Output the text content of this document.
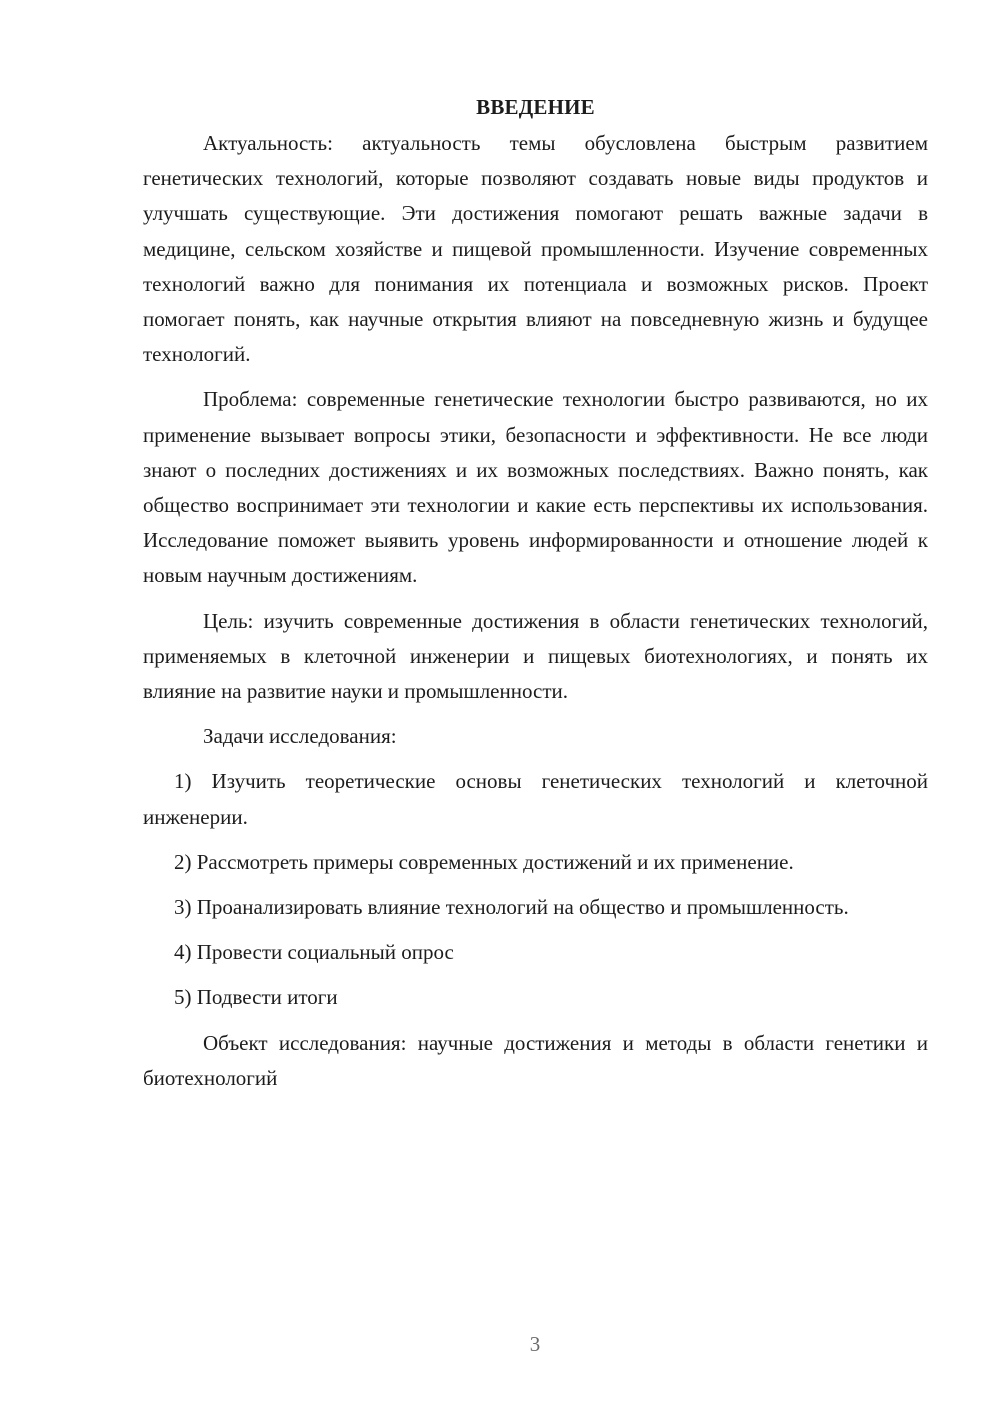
ВВЕДЕНИЕ

Актуальность: актуальность темы обусловлена быстрым развитием генетических технологий, которые позволяют создавать новые виды продуктов и улучшать существующие. Эти достижения помогают решать важные задачи в медицине, сельском хозяйстве и пищевой промышленности. Изучение современных технологий важно для понимания их потенциала и возможных рисков. Проект помогает понять, как научные открытия влияют на повседневную жизнь и будущее технологий.

Проблема: современные генетические технологии быстро развиваются, но их применение вызывает вопросы этики, безопасности и эффективности. Не все люди знают о последних достижениях и их возможных последствиях. Важно понять, как общество воспринимает эти технологии и какие есть перспективы их использования. Исследование поможет выявить уровень информированности и отношение людей к новым научным достижениям.

Цель: изучить современные достижения в области генетических технологий, применяемых в клеточной инженерии и пищевых биотехнологиях, и понять их влияние на развитие науки и промышленности.

Задачи исследования:

1) Изучить теоретические основы генетических технологий и клеточной инженерии.

2) Рассмотреть примеры современных достижений и их применение.

3) Проанализировать влияние технологий на общество и промышленность.

4) Провести социальный опрос

5) Подвести итоги

Объект исследования: научные достижения и методы в области генетики и биотехнологий

3
